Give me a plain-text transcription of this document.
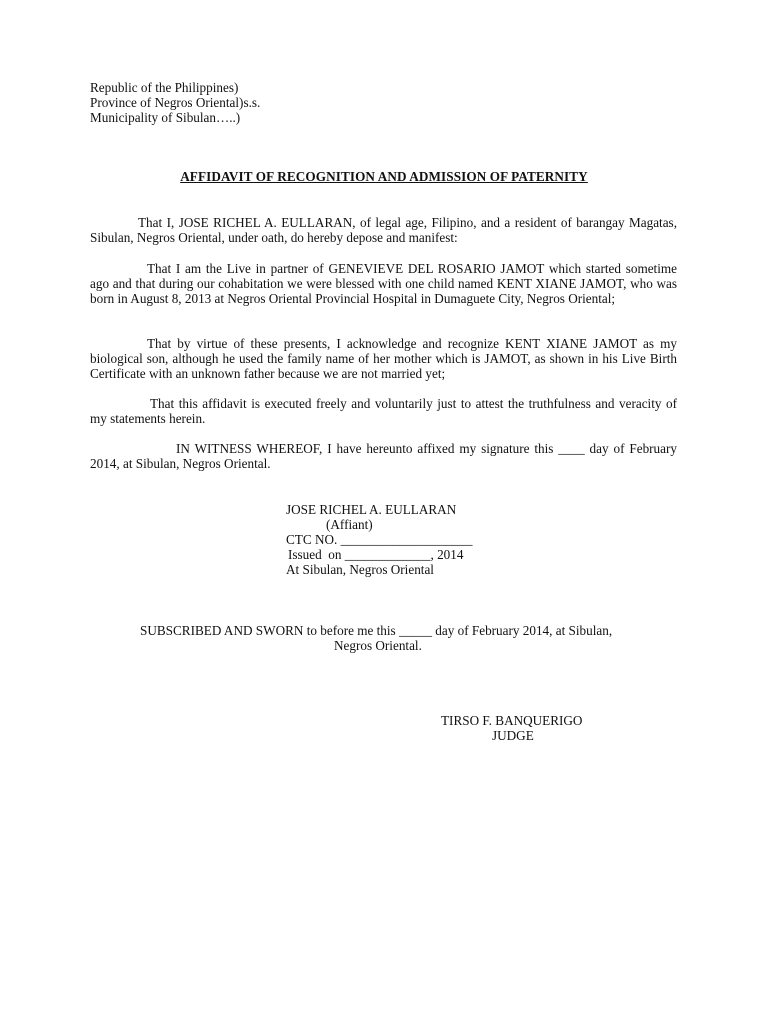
Republic of the Philippines)
Province of Negros Oriental)s.s.
Municipality of Sibulan…..)
AFFIDAVIT OF RECOGNITION AND ADMISSION OF PATERNITY
That I, JOSE RICHEL A. EULLARAN, of legal age, Filipino, and a resident of barangay Magatas, Sibulan, Negros Oriental, under oath, do hereby depose and manifest:
That I am the Live in partner of GENEVIEVE DEL ROSARIO JAMOT which started sometime ago and that during our cohabitation we were blessed with one child named KENT XIANE JAMOT, who was born in August 8, 2013 at Negros Oriental Provincial Hospital in Dumaguete City, Negros Oriental;
That by virtue of these presents, I acknowledge and recognize KENT XIANE JAMOT as my biological son, although he used the family name of her mother which is JAMOT, as shown in his Live Birth Certificate with an unknown father because we are not married yet;
That this affidavit is executed freely and voluntarily just to attest the truthfulness and veracity of my statements herein.
IN WITNESS WHEREOF, I have hereunto affixed my signature this ____ day of February 2014, at Sibulan, Negros Oriental.
JOSE RICHEL A. EULLARAN
(Affiant)
CTC NO. ____________________
Issued  on _____________, 2014
At Sibulan, Negros Oriental
SUBSCRIBED AND SWORN to before me this _____ day of February 2014, at Sibulan,
Negros Oriental.
TIRSO F. BANQUERIGO
JUDGE
